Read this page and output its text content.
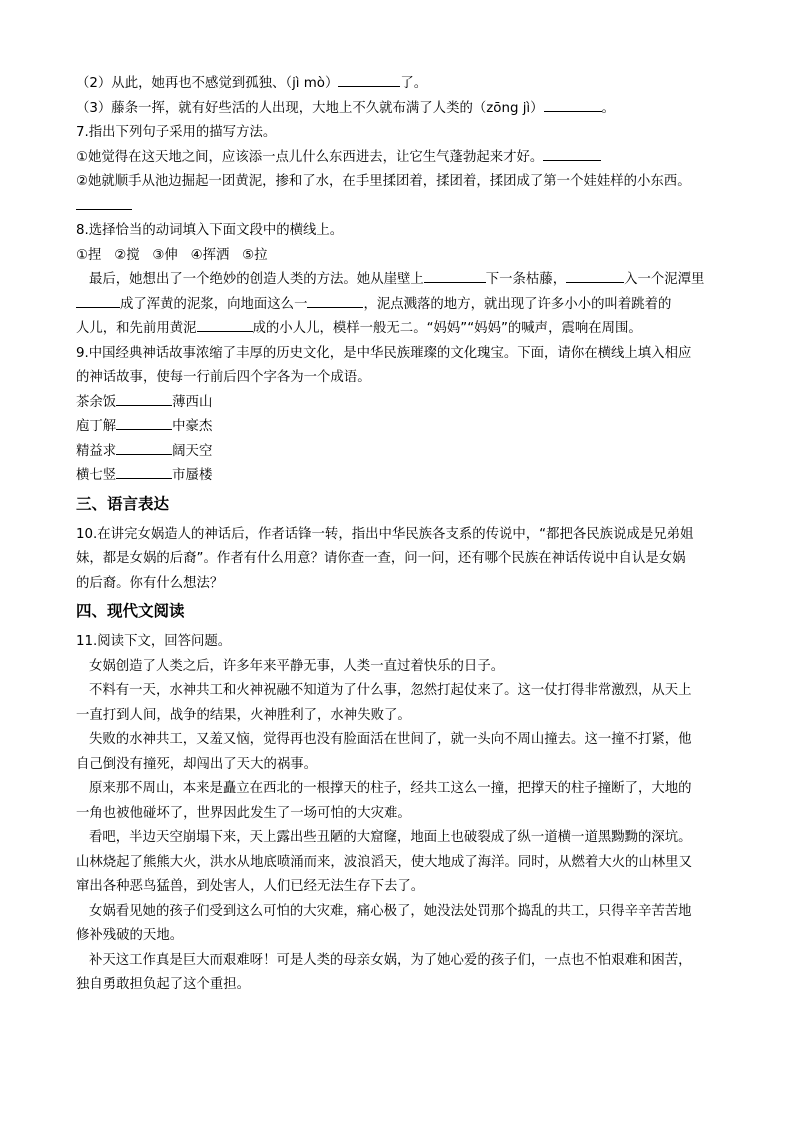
（2）从此，她再也不感觉到孤独、（jì mò）	了。
（3）藤条一挥，就有好些活的人出现，大地上不久就布满了人类的（zōng jì）	。
7.指出下列句子采用的描写方法。
①她觉得在这天地之间，应该添一点儿什么东西进去，让它生气蓬勃起来才好。
②她就顺手从池边掘起一团黄泥，掺和了水，在手里揉团着，揉团着，揉团成了第一个娃娃样的小东西。
8.选择恰当的动词填入下面文段中的横线上。
①捏 ②搅 ③伸 ④挥洒 ⑤拉
最后，她想出了一个绝妙的创造人类的方法。她从崖壁上	下一条枯藤，	入一个泥潭里
成了浑黄的泥浆，向地面这么一	，泥点溅落的地方，就出现了许多小小的叫着跳着的
人儿，和先前用黄泥	成的小人儿，模样一般无二。“妈妈”“妈妈”的喊声，震响在周围。
9.中国经典神话故事浓缩了丰厚的历史文化，是中华民族璀璨的文化瑰宝。下面，请你在横线上填入相应
的神话故事，使每一行前后四个字各为一个成语。
茶余饭	薄西山
庖丁解	中豪杰
精益求	阔天空
横七竖	市蜃楼
三、语言表达
10.在讲完女娲造人的神话后，作者话锋一转，指出中华民族各支系的传说中，“都把各民族说成是兄弟姐
妹，都是女娲的后裔”。作者有什么用意？请你查一查，问一问，还有哪个民族在神话传说中自认是女娲
的后裔。你有什么想法？
四、现代文阅读
11.阅读下文，回答问题。
女娲创造了人类之后，许多年来平静无事，人类一直过着快乐的日子。
不料有一天，水神共工和火神祝融不知道为了什么事，忽然打起仗来了。这一仗打得非常激烈，从天上
一直打到人间，战争的结果，火神胜利了，水神失败了。
失败的水神共工，又羞又恼，觉得再也没有脸面活在世间了，就一头向不周山撞去。这一撞不打紧，他
自己倒没有撞死，却闯出了天大的祸事。
原来那不周山，本来是矗立在西北的一根撑天的柱子，经共工这么一撞，把撑天的柱子撞断了，大地的
一角也被他碰坏了，世界因此发生了一场可怕的大灾难。
看吧，半边天空崩塌下来，天上露出些丑陋的大窟窿，地面上也破裂成了纵一道横一道黑黝黝的深坑。
山林烧起了熊熊大火，洪水从地底喷涌而来，波浪滔天，使大地成了海洋。同时，从燃着大火的山林里又
窜出各种恶鸟猛兽，到处害人，人们已经无法生存下去了。
女娲看见她的孩子们受到这么可怕的大灾难，痛心极了，她没法处罚那个捣乱的共工，只得辛辛苦苦地
修补残破的天地。
补天这工作真是巨大而艰难呀！可是人类的母亲女娲，为了她心爱的孩子们，一点也不怕艰难和困苦，
独自勇敢担负起了这个重担。
